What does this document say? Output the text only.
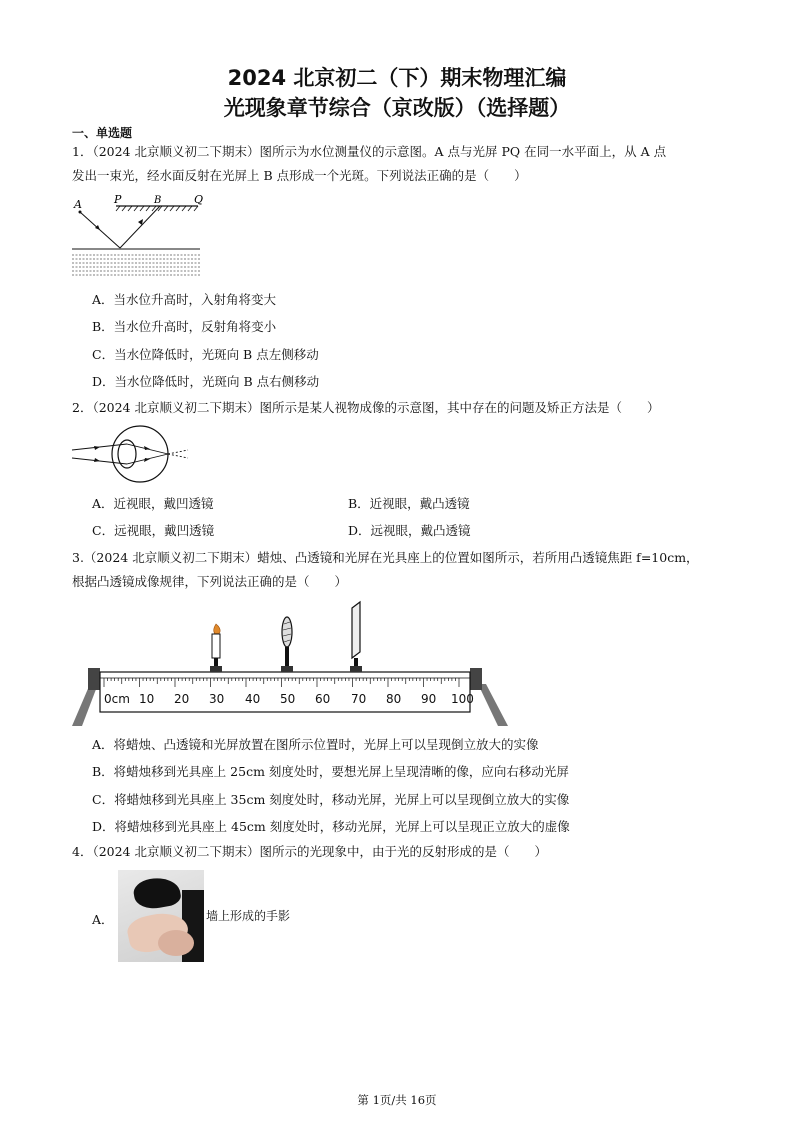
2024 北京初二（下）期末物理汇编
光现象章节综合（京改版）（选择题）
一、单选题
1．（2024 北京顺义初二下期末）图所示为水位测量仪的示意图。A 点与光屏 PQ 在同一水平面上，从 A 点
发出一束光，经水面反射在光屏上 B 点形成一个光斑。下列说法正确的是（　　）
A	P	B	Q
A．当水位升高时，入射角将变大
B．当水位升高时，反射角将变小
C．当水位降低时，光斑向 B 点左侧移动
D．当水位降低时，光斑向 B 点右侧移动
2．（2024 北京顺义初二下期末）图所示是某人视物成像的示意图，其中存在的问题及矫正方法是（　　）
A．近视眼，戴凹透镜	B．近视眼，戴凸透镜
C．远视眼，戴凹透镜	D．远视眼，戴凸透镜
3.（2024 北京顺义初二下期末）蜡烛、凸透镜和光屏在光具座上的位置如图所示，若所用凸透镜焦距 f=10cm，
根据凸透镜成像规律，下列说法正确的是（　　）
0cm 10 20 30 40 50 60 70 80 90 100
A．将蜡烛、凸透镜和光屏放置在图所示位置时，光屏上可以呈现倒立放大的实像
B．将蜡烛移到光具座上 25cm 刻度处时，要想光屏上呈现清晰的像，应向右移动光屏
C．将蜡烛移到光具座上 35cm 刻度处时，移动光屏，光屏上可以呈现倒立放大的实像
D．将蜡烛移到光具座上 45cm 刻度处时，移动光屏，光屏上可以呈现正立放大的虚像
4．（2024 北京顺义初二下期末）图所示的光现象中，由于光的反射形成的是（　　）
A．	墙上形成的手影
第 1页/共 16页
